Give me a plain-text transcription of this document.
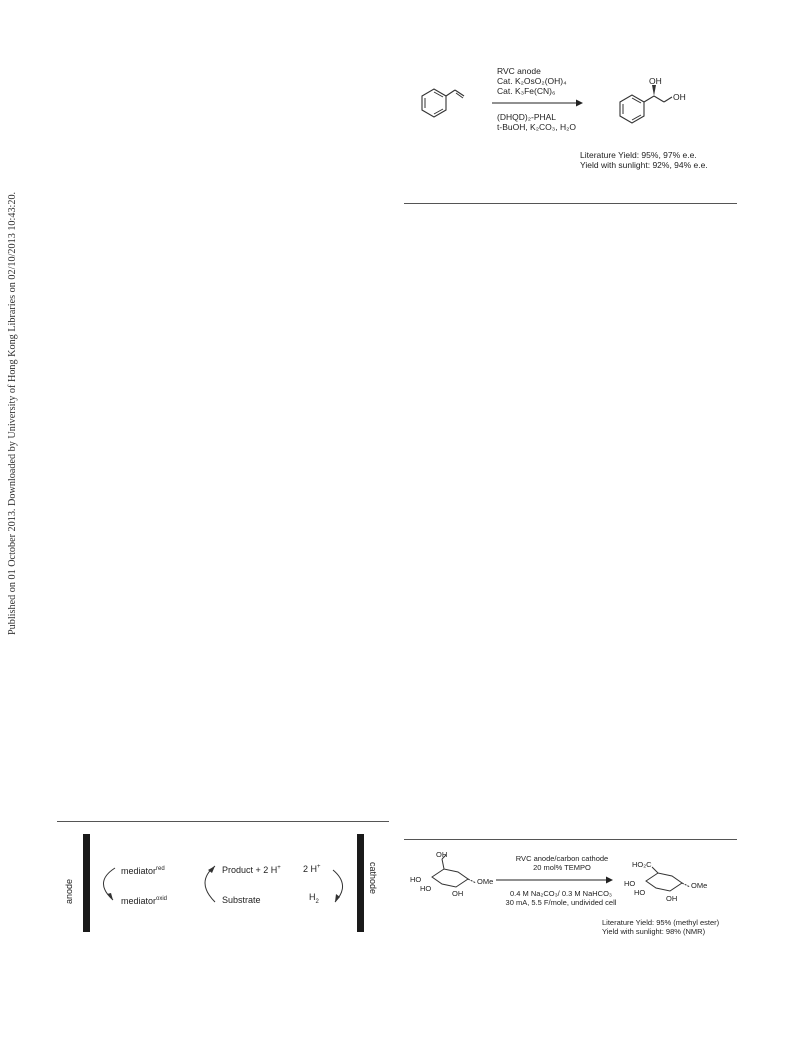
Published on 01 October 2013. Downloaded by University of Hong Kong Libraries on 02/10/2013 10:43:20.
RVC anode
Cat. K₂OsO₂(OH)₄
Cat. K₃Fe(CN)₆
(DHQD)₂-PHAL
t-BuOH, K₂CO₃, H₂O
OH
OH
Literature Yield: 95%, 97% e.e.
Yield with sunlight: 92%, 94% e.e.
anode	cathode
mediator$^{red}$
mediator$^{oxid}$
Product + 2 H+
Substrate
2 H+
$H_2$
OH
HO
HO
OH
OMe
RVC anode/carbon cathode
20 mol% TEMPO
0.4 M Na₂CO₃/ 0.3 M NaHCO₃
30 mA, 5.5 F/mole, undivided cell
HO₂C
HO
HO
OH
OMe
Literature Yield: 95% (methyl ester)
Yield with sunlight: 98% (NMR)
